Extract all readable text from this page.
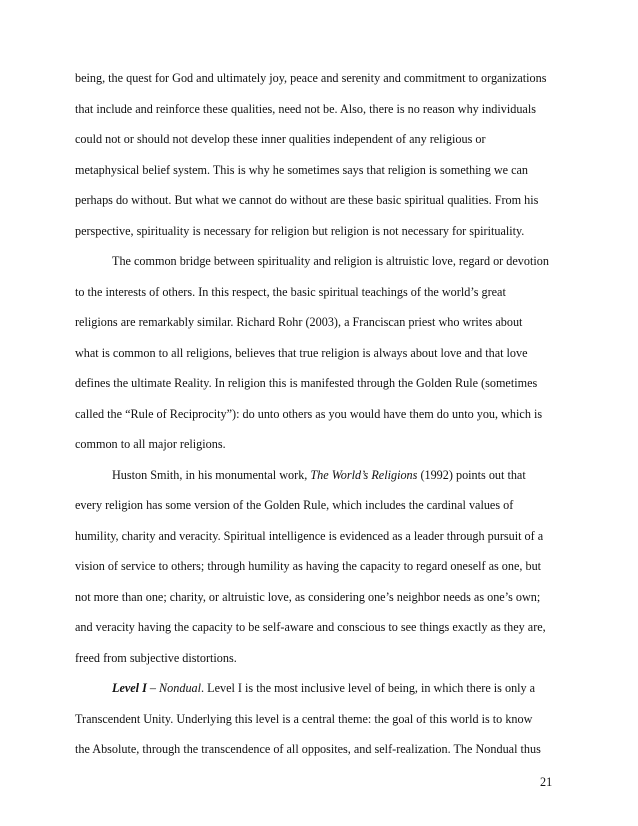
being, the quest for God and ultimately joy, peace and serenity and commitment to organizations
that include and reinforce these qualities, need not be. Also, there is no reason why individuals
could not or should not develop these inner qualities independent of any religious or
metaphysical belief system. This is why he sometimes says that religion is something we can
perhaps do without. But what we cannot do without are these basic spiritual qualities. From his
perspective, spirituality is necessary for religion but religion is not necessary for spirituality.
The common bridge between spirituality and religion is altruistic love, regard or devotion
to the interests of others. In this respect, the basic spiritual teachings of the world’s great
religions are remarkably similar. Richard Rohr (2003), a Franciscan priest who writes about
what is common to all religions, believes that true religion is always about love and that love
defines the ultimate Reality. In religion this is manifested through the Golden Rule (sometimes
called the “Rule of Reciprocity”): do unto others as you would have them do unto you, which is
common to all major religions.
Huston Smith, in his monumental work, The World’s Religions (1992) points out that
every religion has some version of the Golden Rule, which includes the cardinal values of
humility, charity and veracity. Spiritual intelligence is evidenced as a leader through pursuit of a
vision of service to others; through humility as having the capacity to regard oneself as one, but
not more than one; charity, or altruistic love, as considering one’s neighbor needs as one’s own;
and veracity having the capacity to be self-aware and conscious to see things exactly as they are,
freed from subjective distortions.
Level I – Nondual. Level I is the most inclusive level of being, in which there is only a
Transcendent Unity. Underlying this level is a central theme: the goal of this world is to know
the Absolute, through the transcendence of all opposites, and self-realization. The Nondual thus
21
